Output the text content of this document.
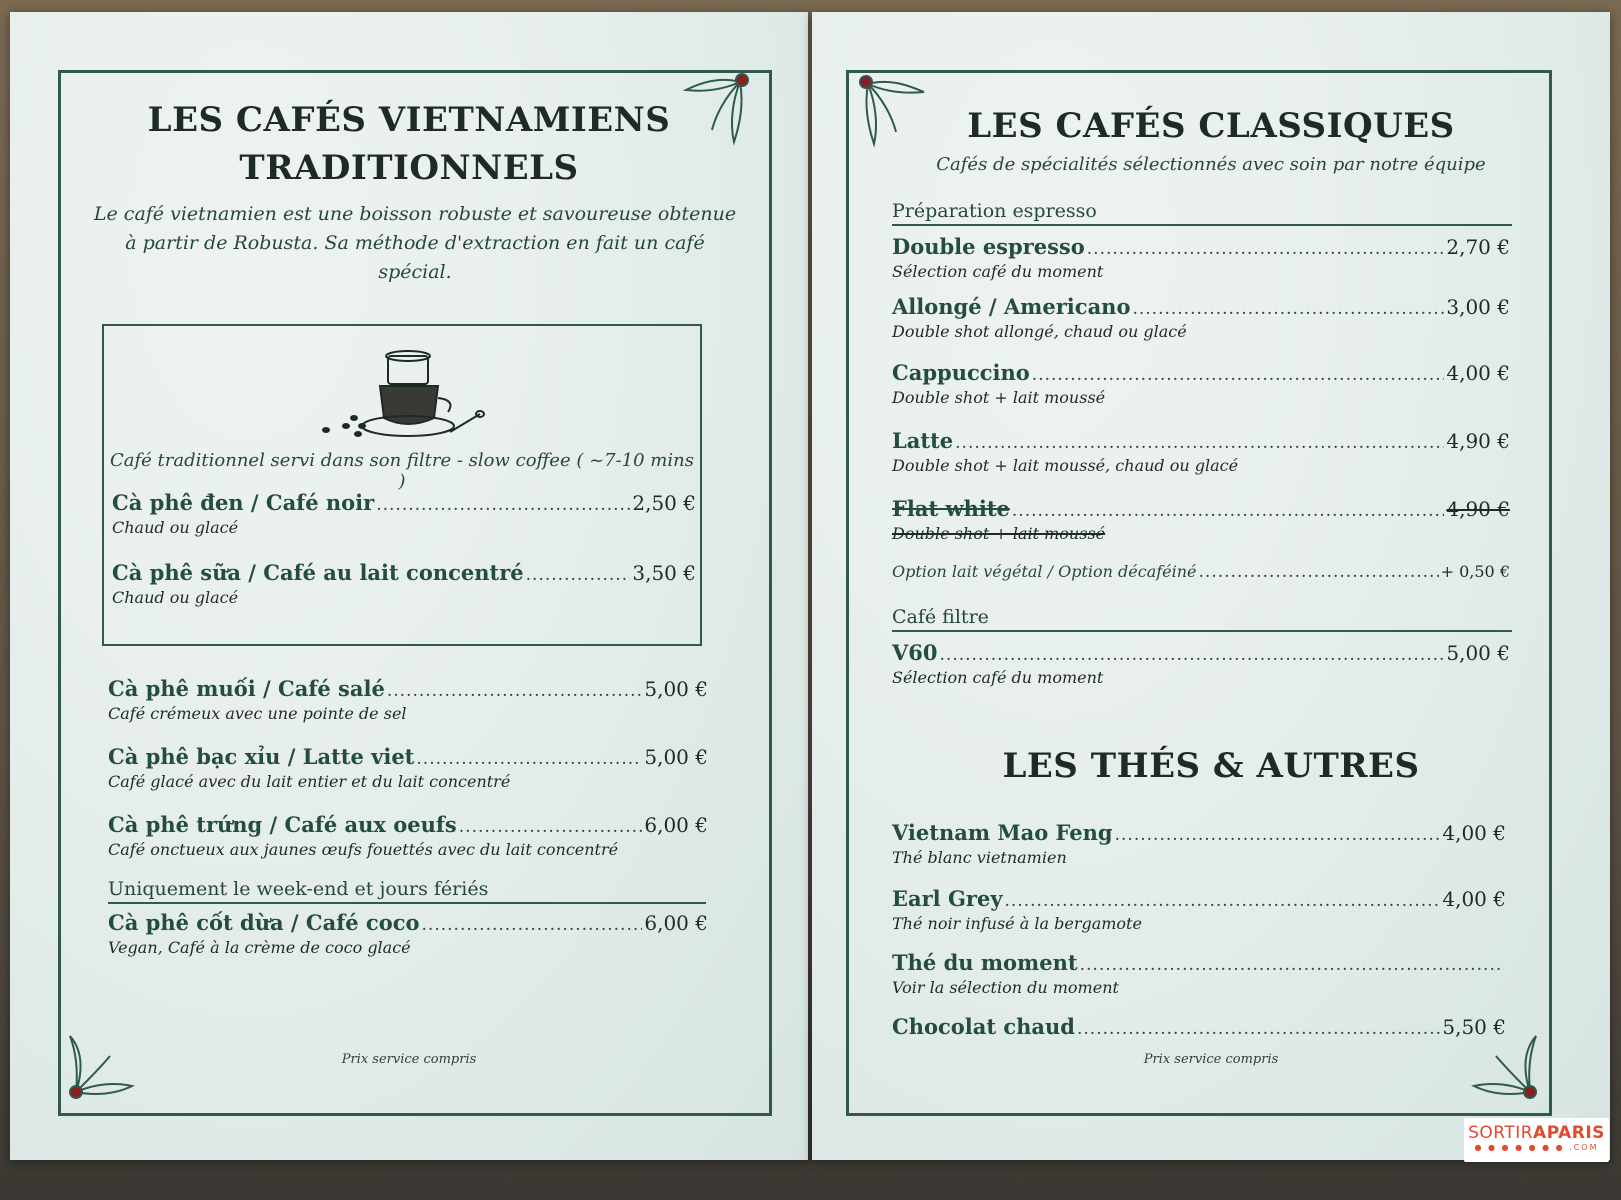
LES CAFÉS VIETNAMIENS
TRADITIONNELS
Le café vietnamien est une boisson robuste et savoureuse obtenue
à partir de Robusta. Sa méthode d'extraction en fait un café
spécial.
Café traditionnel servi dans son filtre - slow coffee ( ~7-10 mins )
Cà phê đen / Café noir .....	2,50 €
Chaud ou glacé
Cà phê sữa / Café au lait concentré .....	3,50 €
Chaud ou glacé
Cà phê muối / Café salé .....	5,00 €
Café crémeux avec une pointe de sel
Cà phê bạc xỉu / Latte viet .....	5,00 €
Café glacé avec du lait entier et du lait concentré
Cà phê trứng / Café aux oeufs .....	6,00 €
Café onctueux aux jaunes œufs fouettés avec du lait concentré
Uniquement le week-end et jours fériés
Cà phê cốt dừa / Café coco .....	6,00 €
Vegan, Café à la crème de coco glacé
Prix service compris
LES CAFÉS CLASSIQUES
Cafés de spécialités sélectionnés avec soin par notre équipe
Préparation espresso
Double espresso .....	2,70 €
Sélection café du moment
Allongé / Americano .....	3,00 €
Double shot allongé, chaud ou glacé
Cappuccino .....	4,00 €
Double shot + lait moussé
Latte .....	4,90 €
Double shot + lait moussé, chaud ou glacé
Flat white .....	4,90 €
Double shot + lait moussé
Option lait végétal / Option décaféiné .....	+ 0,50 €
Café filtre
V60 .....	5,00 €
Sélection café du moment
LES THÉS & AUTRES
Vietnam Mao Feng .....	4,00 €
Thé blanc vietnamien
Earl Grey .....	4,00 €
Thé noir infusé à la bergamote
Thé du moment
.....
Voir la sélection du moment
Chocolat chaud .....	5,50 €
Prix service compris
SORTIRAPARIS
● ● ● ● ● ● ● .COM
